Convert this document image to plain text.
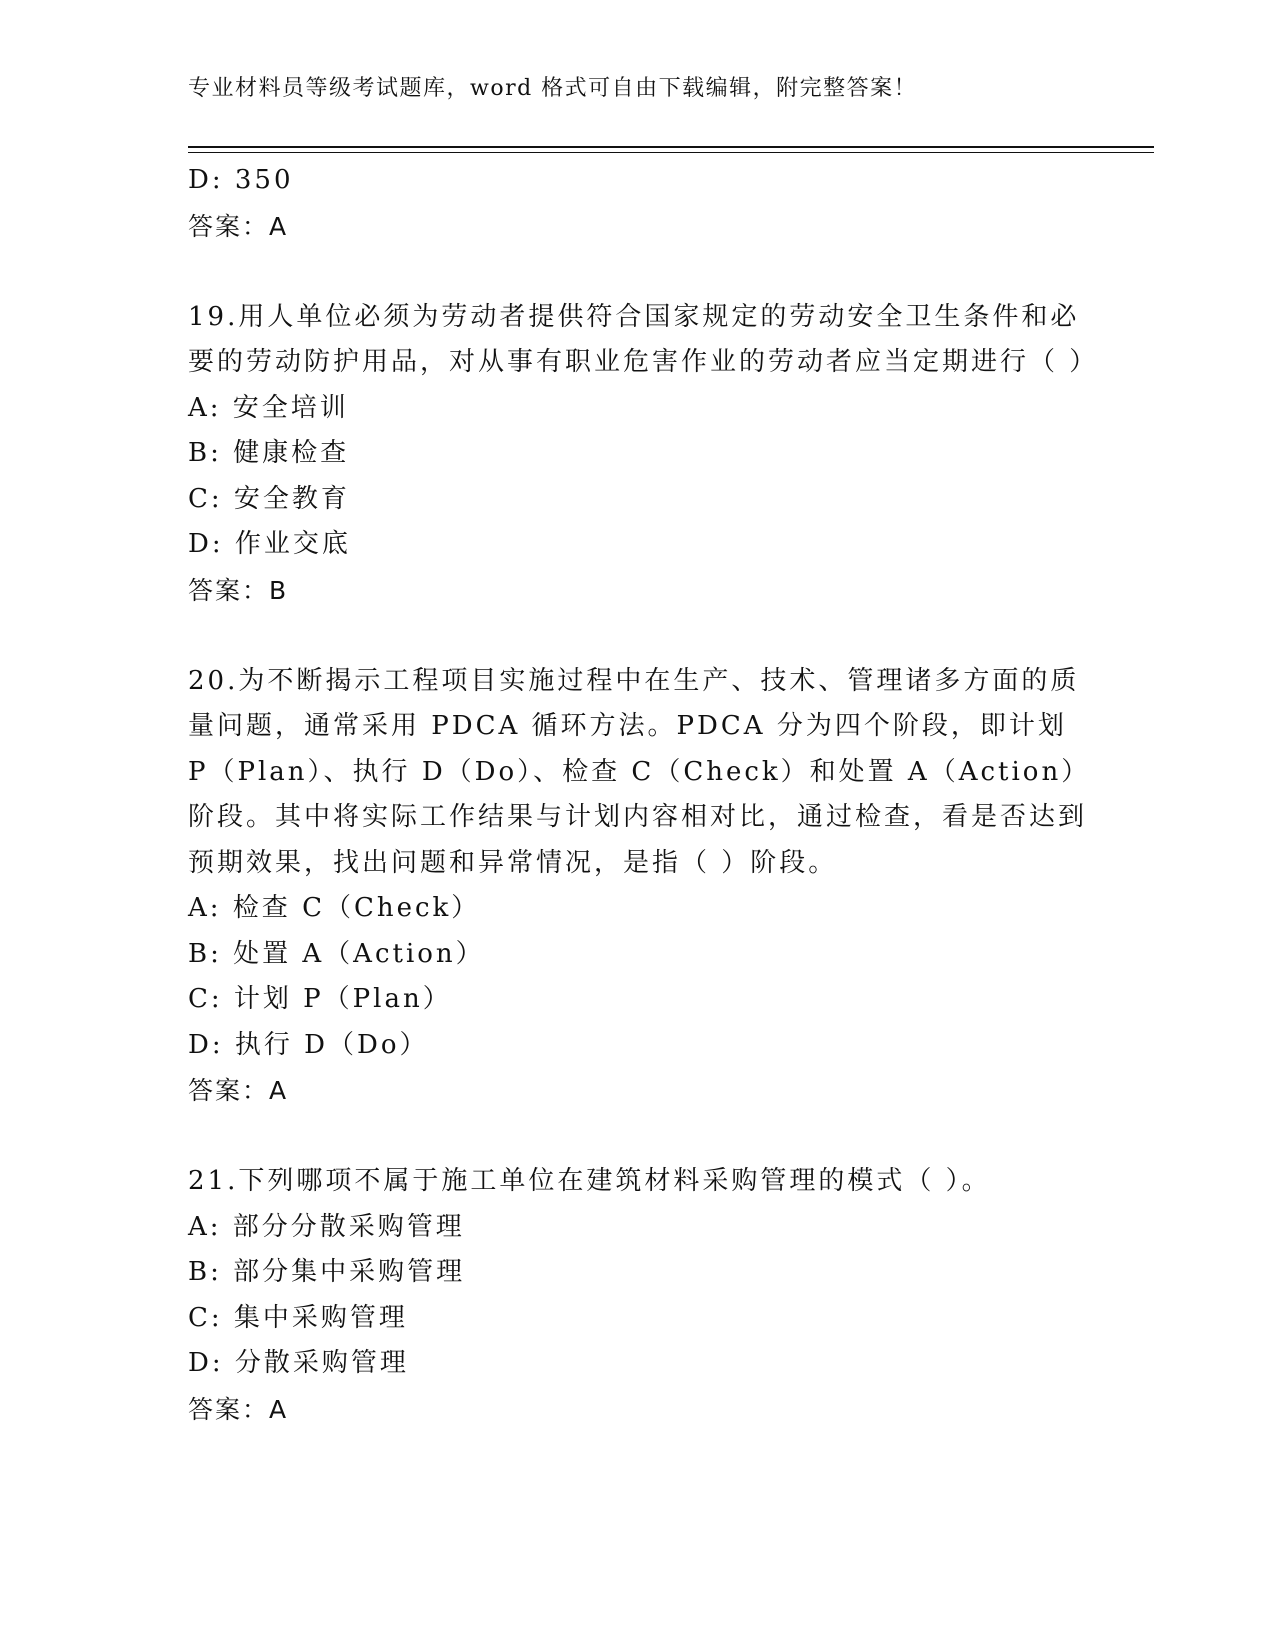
专业材料员等级考试题库，word 格式可自由下载编辑，附完整答案！
D: 350
答案：A
19.用人单位必须为劳动者提供符合国家规定的劳动安全卫生条件和必要的劳动防护用品，对从事有职业危害作业的劳动者应当定期进行（ ）
A: 安全培训
B: 健康检查
C: 安全教育
D: 作业交底
答案：B
20.为不断揭示工程项目实施过程中在生产、技术、管理诸多方面的质量问题，通常采用 PDCA 循环方法。PDCA 分为四个阶段，即计划 P（Plan）、执行 D（Do）、检查 C（Check）和处置 A（Action）阶段。其中将实际工作结果与计划内容相对比，通过检查，看是否达到预期效果，找出问题和异常情况，是指（ ）阶段。
A: 检查 C（Check）
B: 处置 A（Action）
C: 计划 P（Plan）
D: 执行 D（Do）
答案：A
21.下列哪项不属于施工单位在建筑材料采购管理的模式（ ）。
A: 部分分散采购管理
B: 部分集中采购管理
C: 集中采购管理
D: 分散采购管理
答案：A
